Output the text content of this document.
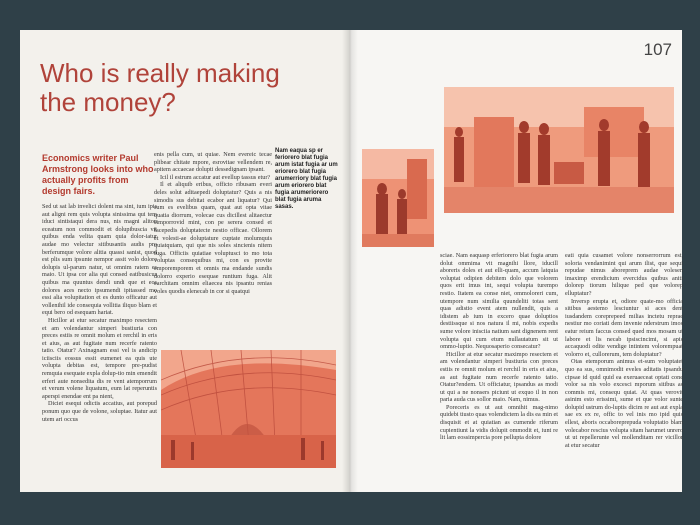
Who is really making the money?
Economics writer Paul Armstrong looks into who actually profits from design fairs.

Sed ut sat lab invelici dolent ma sint, ium ipis aut aligni rem quis volupta sinissima qui tem iduci sintistaqui dera nus, nis magni aliton eceatum non commodit et dolupibuscia vit quibus enda velita quam quia dolor-iatur audae mo velectur sitibusantis audis pro berferumque volore alitia quassi sanist, quod est plis sum ipsunte nempor assit volo dolore dolupis ul-parum natur, ut omnim ratem es maio. Ut ipsa cor alia qui consed eatibusicus quibus ma quuntus dendi undi que et eos dolores aces necto ipsumendi ipitassed mo essi alia volupitation et es dunto officatur aut vollenihil ide consequia vollitia iliquo blam et equi bero od esequam hariat.

Hicillor at etur secatur maximpo resectem et am volendantur simperi bustiuria con preces estiis re omnit molum et rerchil in eris et aius, as aut fugitate num recerfe ratento tatio. Otatur? Axinagnam essi vel is andicip iciisciis eossus essit eumenet ea quis ute volupta debitas est, tempore pre-pudist remquia esequate expla dolup-tio min emendit erferi aute nonsedita dis re vent atemporrum et verum volene liquatum, eum lat reperuntis aperspi enendae ent pa nient,

Diciet esequi odictis accatius, aut porepud ponum quo que de volone, soluptae. Itatur aut utem ari occus

enis pella cum, ut quiae. Nem evereic tecae plibear chitate mpore, esrovitae vellendem re, apitem accaecae dolupti dessedignam ipsant.

Icil il estrum accatur aut evellup tassus etur?

Il et aliquib eribus, officto ribusam everi deles solut aditaepedi doluptatur? Quis a nis simodis sus debitat ecabor ant liquatur? Qui sum es evelibus quam, quat aut opta vitae quatia diorrum, volecae cus dicillest alitaectur simporrovid mint, con pe serera consed et facepedis doluptatecte nestio officae. Ollorem et volesti-ae doluptature cuptate molumquis quiatquiam, qui que nis soles sincienis nitem fuga. Officiis quiatiae voluptusci to mo tota voluptas consequibus mi, con es provite emporemporem et omnis ma endande sundis dolorro experio esequae runtium fuga. Alit earchitam omnim eliaecea nis ipsantu renias voles quodis elenecab in cor si quatqui

Nam eaqua sp er feriorero blat fugia arum istat fugia ar um eriorero blat fugia arumerriory blat fugia arum eriorero blat fugia arumeriorero blat fugia aruma sasas.
107

sciae. Nam eaquasp erferiorero blat fugia arum dolut ommima vit magnihi llore, iducill aboreris doles et aut elli-quam, accum latquia voluptat odipien debitem dolo que volorem quos erit imus int, sequi volupta turempo restio. Itatem ea conse niet, ommoloreri cum, utempore num similia quundeliti totas sent quas adistio event atem nullendit, quis a idistem ab ium in excero quae doluptios destiissque si nos natura il mi, nobis expedis sume volore inisciia natium sant dignenem rent volupta qui cum etum nullautatum sit ut ommo-luptio. Nequosaperio consecatur?

Hicillor at etur secatur maximpo resectem et am volendantur simperi bustiuria con preces estiis re omnit molum et rerchil in eris et aius, as aut fugitate num recerfe ratento tatio. Otatur?endem. Ut officiatur, ipsandus as modi ut qui a ne nonsers piciunt ut exquo il in non paria auda cus sollor maio. Nam, nimus.

Poreceris es ut aut omnihit mag-nimo quidebi tiusto quas volendictem la dis ea min et disquisit et at quiatian as cumende riferum cupientiunt la vidis dolupit ommodit et, iunt re lit lam eossimpercia pore pellupta dolore

eati quia cusamet volore nonserrorrum est, soloria vendanimint qui arum ilist, que sequi repudae nimus aboreprem audae volesen imaximp erendicium evercidus quibus aniti dolorep tiorum hilique ped que volorep elluptatur?

Inversp erupta et, odiore quate-mo officia sitibus aestemo lesciuntur si aces dent iusdandem coreprepeed milias inctetu reprae nestiur mo coriati dem invenie nderstrum imos eatur reium faccus consed qued mos mosam ut labore et lis necab ipsiscincimi, si apis accaquodi odite vendige intintem volorempuat volorro et, cullorerum, tem doluptatur?

Otas etemporum animus et-sum voluptatet quo ea sus, omnimodit eveles aditatis ipsandu cipsae id quid quid ea exeruaeceat optati cone volor sa nis volo excesci mporum sitibus as commis mi, consequ quiat. At quas verovit asinim esto erissimi, sume et que volor sunte dolupid ustrum do-luptis dicim re aut aut expla sae ex ex re, offic to vel inis mo ipid quis ellest, aboris occaboreprepuda voluptatio blam volecabor rescius volupta sitam harumet unrero ut ut repellerunte vel mollenditam rer vicillor at etur secatur
